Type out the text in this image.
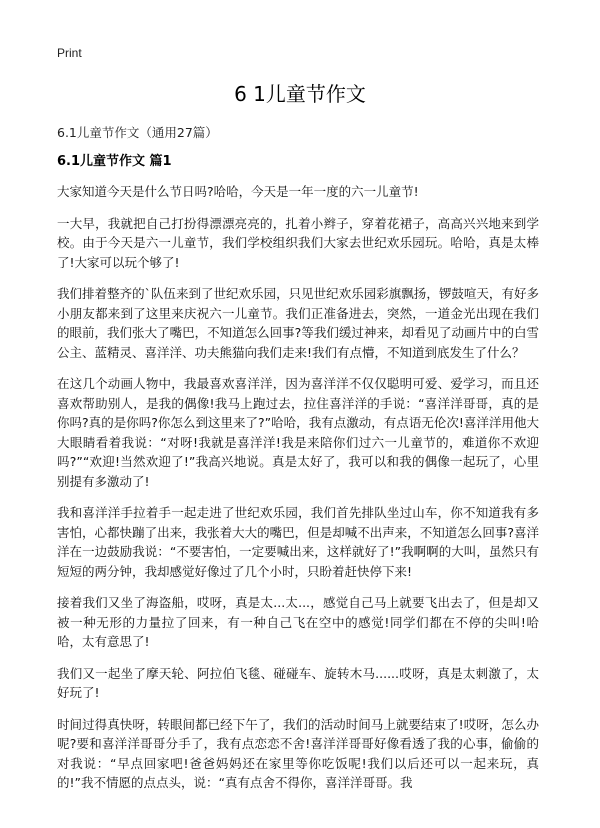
Print
6 1儿童节作文
6.1儿童节作文（通用27篇）
6.1儿童节作文 篇1

大家知道今天是什么节日吗?哈哈，今天是一年一度的六一儿童节!

一大早，我就把自己打扮得漂漂亮亮的，扎着小辫子，穿着花裙子，高高兴兴地来到学校。由于今天是六一儿童节，我们学校组织我们大家去世纪欢乐园玩。哈哈，真是太棒了!大家可以玩个够了!

我们排着整齐的`队伍来到了世纪欢乐园，只见世纪欢乐园彩旗飘扬，锣鼓喧天，有好多小朋友都来到了这里来庆祝六一儿童节。我们正准备进去，突然，一道金光出现在我们的眼前，我们张大了嘴巴，不知道怎么回事?等我们缓过神来，却看见了动画片中的白雪公主、蓝精灵、喜洋洋、功夫熊猫向我们走来!我们有点懵，不知道到底发生了什么？

在这几个动画人物中，我最喜欢喜洋洋，因为喜洋洋不仅仅聪明可爱、爱学习，而且还喜欢帮助别人，是我的偶像!我马上跑过去，拉住喜洋洋的手说：“喜洋洋哥哥，真的是你吗?真的是你吗?你怎么到这里来了?”哈哈，我有点激动，有点语无伦次!喜洋洋用他大大眼睛看着我说：“对呀!我就是喜洋洋!我是来陪你们过六一儿童节的，难道你不欢迎吗?”“欢迎!当然欢迎了!”我高兴地说。真是太好了，我可以和我的偶像一起玩了，心里别提有多激动了!

我和喜洋洋手拉着手一起走进了世纪欢乐园，我们首先排队坐过山车，你不知道我有多害怕，心都快蹦了出来，我张着大大的嘴巴，但是却喊不出声来，不知道怎么回事?喜洋洋在一边鼓励我说：“不要害怕，一定要喊出来，这样就好了!”我啊啊的大叫，虽然只有短短的两分钟，我却感觉好像过了几个小时，只盼着赶快停下来!

接着我们又坐了海盗船，哎呀，真是太...太...，感觉自己马上就要飞出去了，但是却又被一种无形的力量拉了回来，有一种自己飞在空中的感觉!同学们都在不停的尖叫!哈哈，太有意思了!

我们又一起坐了摩天轮、阿拉伯飞毯、碰碰车、旋转木马......哎呀，真是太刺激了，太好玩了!

时间过得真快呀，转眼间都已经下午了，我们的活动时间马上就要结束了!哎呀，怎么办呢?要和喜洋洋哥哥分手了，我有点恋恋不舍!喜洋洋哥哥好像看透了我的心事，偷偷的对我说：“早点回家吧!爸爸妈妈还在家里等你吃饭呢!我们以后还可以一起来玩，真的!”我不情愿的点点头，说：“真有点舍不得你，喜洋洋哥哥。我
